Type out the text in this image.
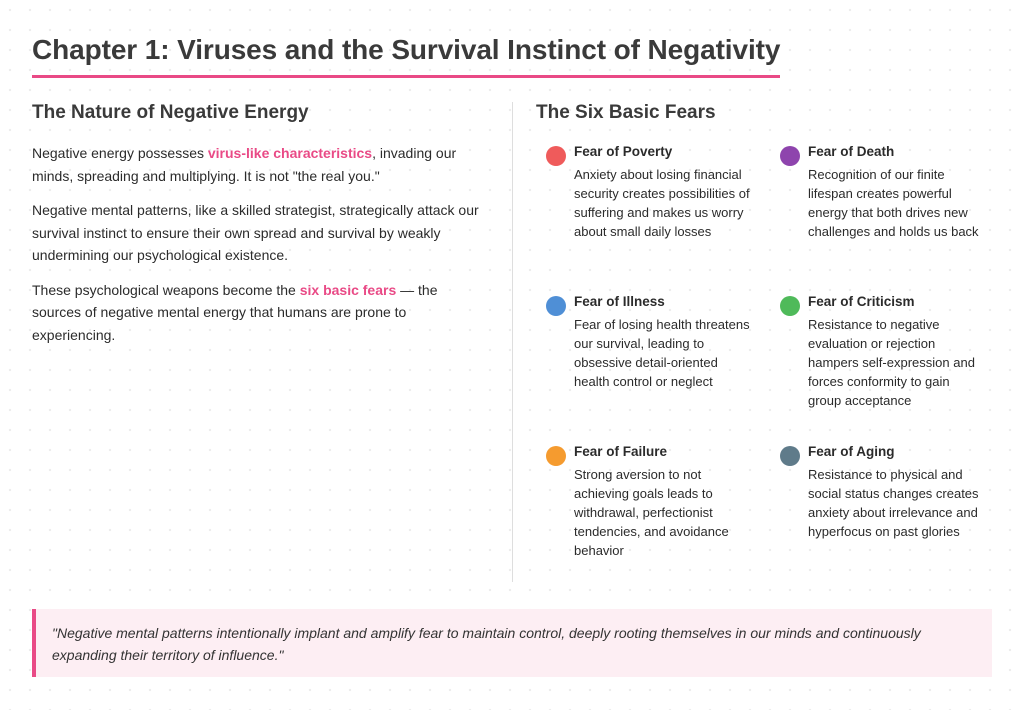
Chapter 1: Viruses and the Survival Instinct of Negativity
The Nature of Negative Energy

Negative energy possesses virus-like characteristics, invading our minds, spreading and multiplying. It is not "the real you."

Negative mental patterns, like a skilled strategist, strategically attack our survival instinct to ensure their own spread and survival by weakly undermining our psychological existence.

These psychological weapons become the six basic fears — the sources of negative mental energy that humans are prone to experiencing.

The Six Basic Fears
Fear of Poverty
Anxiety about losing financial security creates possibilities of suffering and makes us worry about small daily losses
Fear of Death
Recognition of our finite lifespan creates powerful energy that both drives new challenges and holds us back
Fear of Illness
Fear of losing health threatens our survival, leading to obsessive detail-oriented health control or neglect
Fear of Criticism
Resistance to negative evaluation or rejection hampers self-expression and forces conformity to gain group acceptance
Fear of Failure
Strong aversion to not achieving goals leads to withdrawal, perfectionist tendencies, and avoidance behavior
Fear of Aging
Resistance to physical and social status changes creates anxiety about irrelevance and hyperfocus on past glories
"Negative mental patterns intentionally implant and amplify fear to maintain control, deeply rooting themselves in our minds and continuously expanding their territory of influence."
